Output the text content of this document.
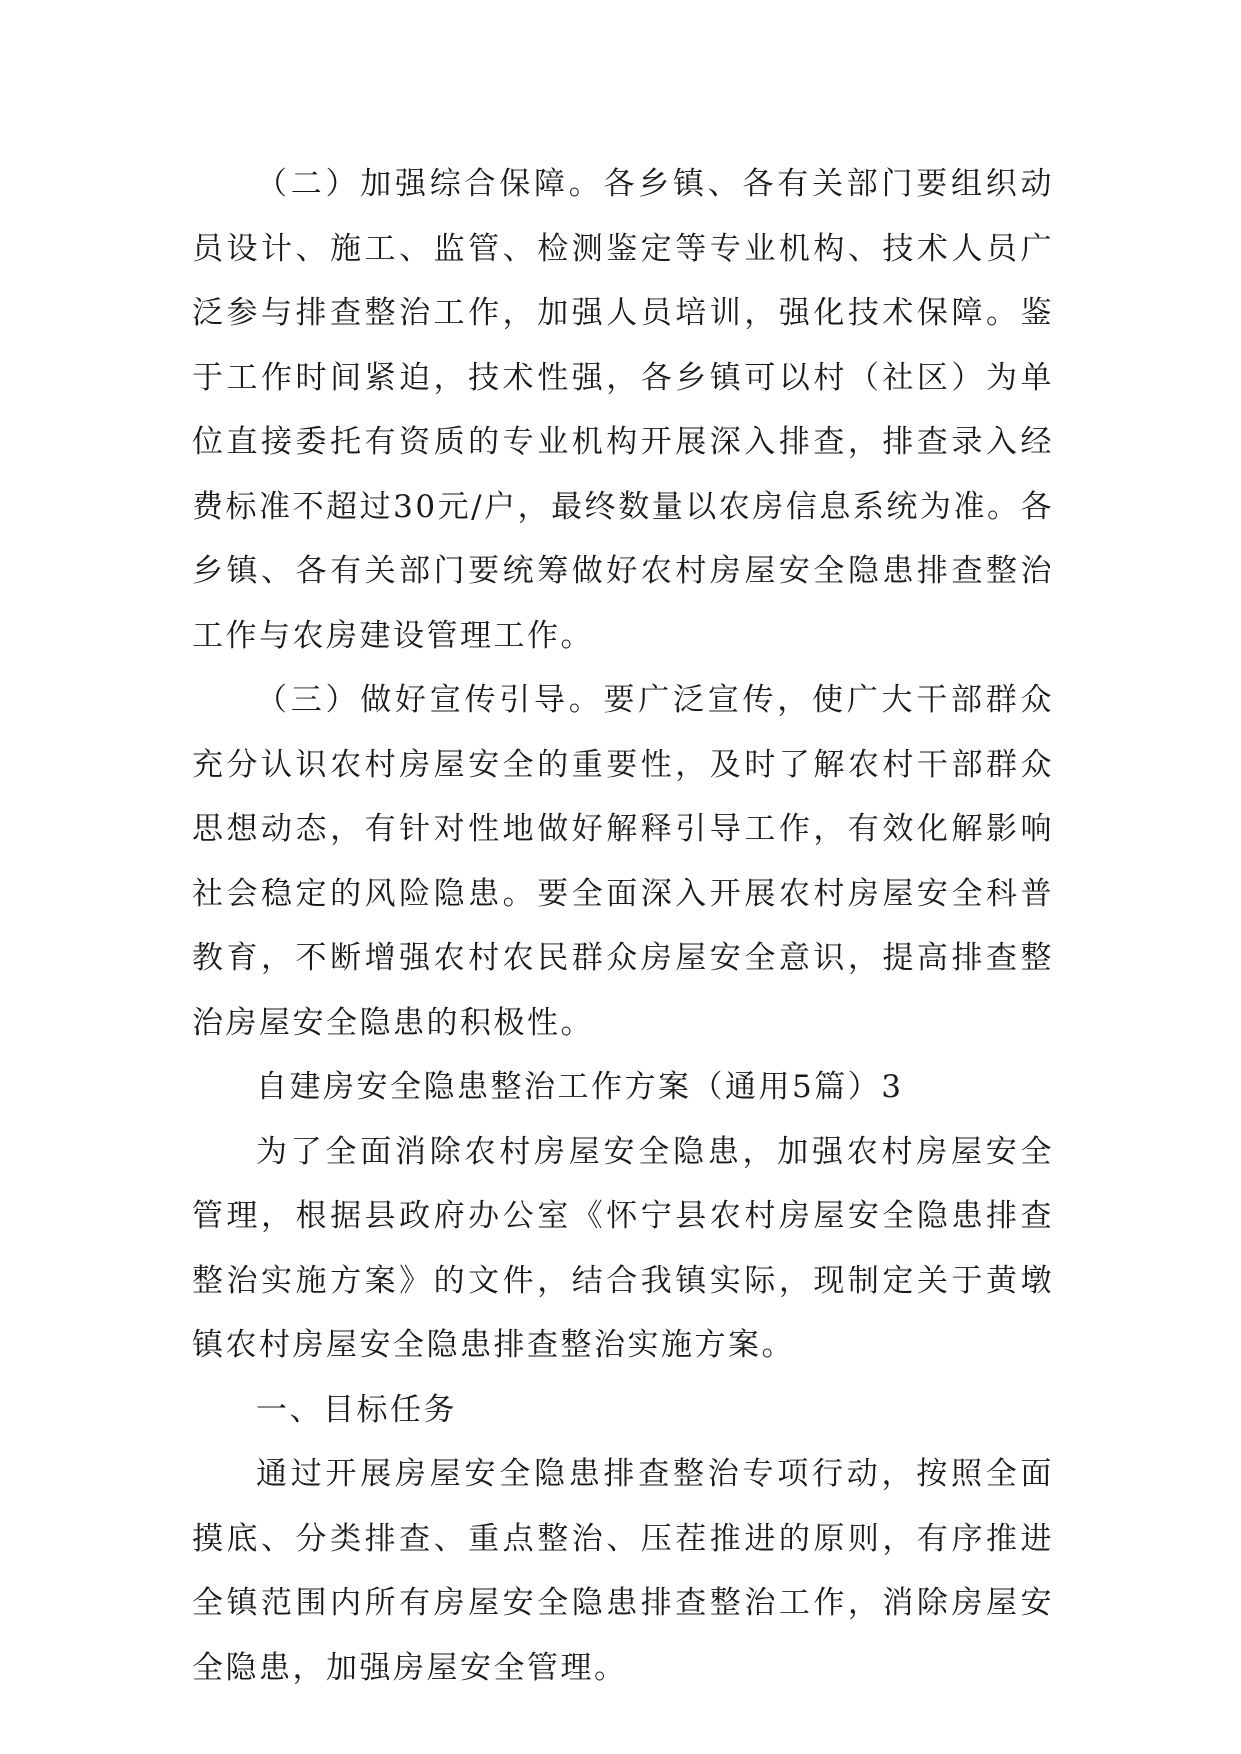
（二）加强综合保障。各乡镇、各有关部门要组织动员设计、施工、监管、检测鉴定等专业机构、技术人员广泛参与排查整治工作，加强人员培训，强化技术保障。鉴于工作时间紧迫，技术性强，各乡镇可以村（社区）为单位直接委托有资质的专业机构开展深入排查，排查录入经费标准不超过30元/户，最终数量以农房信息系统为准。各乡镇、各有关部门要统筹做好农村房屋安全隐患排查整治工作与农房建设管理工作。

（三）做好宣传引导。要广泛宣传，使广大干部群众充分认识农村房屋安全的重要性，及时了解农村干部群众思想动态，有针对性地做好解释引导工作，有效化解影响社会稳定的风险隐患。要全面深入开展农村房屋安全科普教育，不断增强农村农民群众房屋安全意识，提高排查整治房屋安全隐患的积极性。

自建房安全隐患整治工作方案（通用5篇）3

为了全面消除农村房屋安全隐患，加强农村房屋安全管理，根据县政府办公室《怀宁县农村房屋安全隐患排查整治实施方案》的文件，结合我镇实际，现制定关于黄墩镇农村房屋安全隐患排查整治实施方案。

一、目标任务

通过开展房屋安全隐患排查整治专项行动，按照全面摸底、分类排查、重点整治、压茬推进的原则，有序推进全镇范围内所有房屋安全隐患排查整治工作，消除房屋安全隐患，加强房屋安全管理。
